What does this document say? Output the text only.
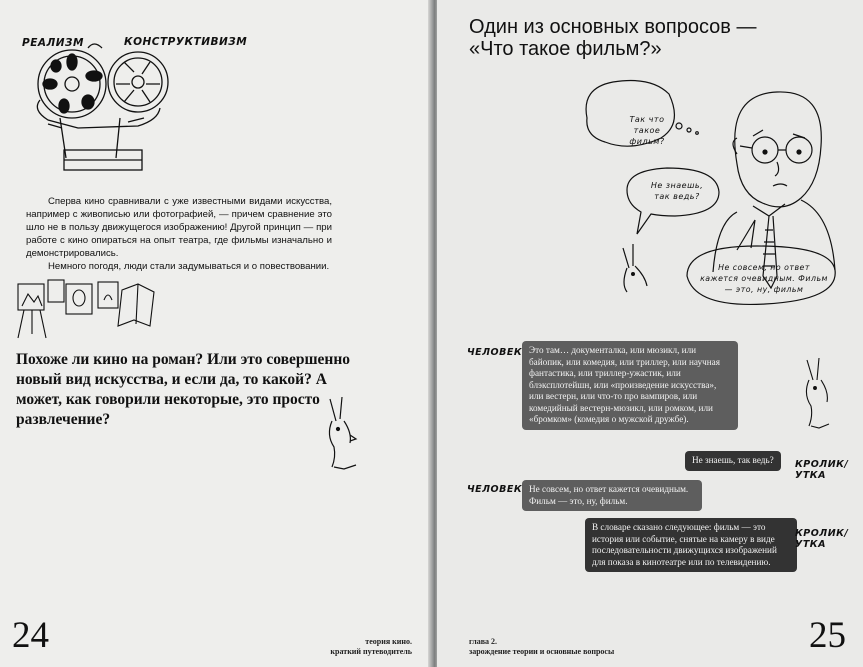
РЕАЛИЗМ	КОНСТРУКТИВИЗМ

Сперва кино сравнивали с уже известными видами искусства, например с живописью или фотографией, — причем сравнение это шло не в пользу движущегося изображению! Другой принцип — при работе с кино опираться на опыт театра, где фильмы изначально и демонстрировались.

Немного погодя, люди стали задумываться и о повествовании.

Похоже ли кино на роман? Или это совершенно новый вид искусства, и если да, то какой? А может, как говорили некоторые, это просто развлечение?
24	теория кино.
краткий путеводитель
Один из основных вопросов — «Что такое фильм?»
Так что такое фильм?
Не знаешь, так ведь?
Не совсем, но ответ кажется очевидным. Фильм — это, ну, фильм
ЧЕЛОВЕК Это там… документалка, или мюзикл, или байопик, или комедия, или триллер, или научная фантастика, или триллер-ужастик, или блэксплотейшн, или «произведение искусства», или вестерн, или что-то про вампиров, или комедийный вестерн-мюзикл, или ромком, или «бромком» (комедия о мужской дружбе).
Не знаешь, так ведь?	КРОЛИК/ УТКА
ЧЕЛОВЕК Не совсем, но ответ кажется очевидным. Фильм — это, ну, фильм.
В словаре сказано следующее: фильм — это история или событие, снятые на камеру в виде последовательности движущихся изображений для показа в кинотеатре или по телевидению.
КРОЛИК/ УТКА
глава 2.
зарождение теории и основные вопросы	25
